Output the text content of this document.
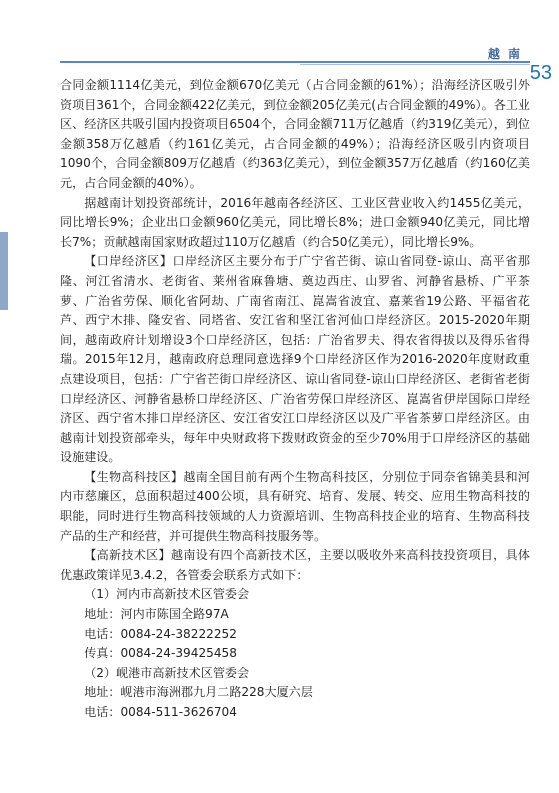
越 南
53

合同金额1114亿美元，到位金额670亿美元（占合同金额的61%）；沿海经济区吸引外资项目361个，合同金额422亿美元，到位金额205亿美元(占合同金额的49%）。各工业区、经济区共吸引国内投资项目6504个，合同金额711万亿越盾（约319亿美元），到位金额358万亿越盾（约161亿美元，占合同金额的49%）；沿海经济区吸引内资项目1090个，合同金额809万亿越盾（约363亿美元），到位金额357万亿越盾（约160亿美元，占合同金额的40%）。

据越南计划投资部统计，2016年越南各经济区、工业区营业收入约1455亿美元，同比增长9%；企业出口金额960亿美元，同比增长8%；进口金额940亿美元，同比增长7%；贡献越南国家财政超过110万亿越盾（约合50亿美元），同比增长9%。

【口岸经济区】口岸经济区主要分布于广宁省芒街、谅山省同登-谅山、高平省那隆、河江省清水、老街省、莱州省麻鲁塘、奠边西庄、山罗省、河静省悬桥、广平茶萝、广治省劳保、顺化省阿劫、广南省南江、崑嵩省波宜、嘉莱省19公路、平福省花芦、西宁木排、隆安省、同塔省、安江省和坚江省河仙口岸经济区。2015-2020年期间，越南政府计划增设3个口岸经济区，包括：广治省罗夫、得农省得拔以及得乐省得瑞。2015年12月，越南政府总理同意选择9个口岸经济区作为2016-2020年度财政重点建设项目，包括：广宁省芒街口岸经济区、谅山省同登-谅山口岸经济区、老街省老街口岸经济区、河静省悬桥口岸经济区、广治省劳保口岸经济区、崑嵩省伊岸国际口岸经济区、西宁省木排口岸经济区、安江省安江口岸经济区以及广平省茶萝口岸经济区。由越南计划投资部牵头，每年中央财政将下拨财政资金的至少70%用于口岸经济区的基础设施建设。

【生物高科技区】越南全国目前有两个生物高科技区，分别位于同奈省锦美县和河内市慈廉区，总面积超过400公顷，具有研究、培育、发展、转交、应用生物高科技的职能，同时进行生物高科技领域的人力资源培训、生物高科技企业的培育、生物高科技产品的生产和经营，并可提供生物高科技服务等。

【高新技术区】越南设有四个高新技术区，主要以吸收外来高科技投资项目，具体优惠政策详见3.4.2，各管委会联系方式如下：

（1）河内市高新技术区管委会

地址：河内市陈国全路97A

电话：0084-24-38222252

传真：0084-24-39425458

（2）岘港市高新技术区管委会

地址：岘港市海洲郡九月二路228大厦六层

电话：0084-511-3626704
